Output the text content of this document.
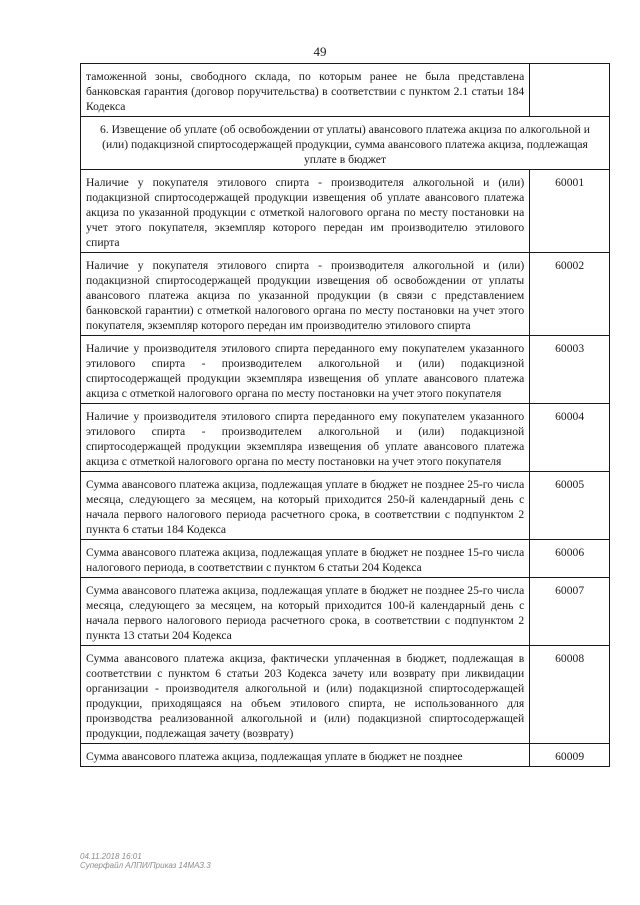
49
таможенной зоны, свободного склада, по которым ранее не была представлена банковская гарантия (договор поручительства) в соответствии с пунктом 2.1 статьи 184 Кодекса	
6. Извещение об уплате (об освобождении от уплаты) авансового платежа акциза по алкогольной и (или) подакцизной спиртосодержащей продукции, сумма авансового платежа акциза, подлежащая уплате в бюджет	
Наличие у покупателя этилового спирта - производителя алкогольной и (или) подакцизной спиртосодержащей продукции извещения об уплате авансового платежа акциза по указанной продукции с отметкой налогового органа по месту постановки на учет этого покупателя, экземпляр которого передан им производителю этилового спирта	60001
Наличие у покупателя этилового спирта - производителя алкогольной и (или) подакцизной спиртосодержащей продукции извещения об освобождении от уплаты авансового платежа акциза по указанной продукции (в связи с представлением банковской гарантии) с отметкой налогового органа по месту постановки на учет этого покупателя, экземпляр которого передан им производителю этилового спирта	60002
Наличие у производителя этилового спирта переданного ему покупателем указанного этилового спирта - производителем алкогольной и (или) подакцизной спиртосодержащей продукции экземпляра извещения об уплате авансового платежа акциза с отметкой налогового органа по месту постановки на учет этого покупателя	60003
Наличие у производителя этилового спирта переданного ему покупателем указанного этилового спирта - производителем алкогольной и (или) подакцизной спиртосодержащей продукции экземпляра извещения об уплате авансового платежа акциза с отметкой налогового органа по месту постановки на учет этого покупателя	60004
Сумма авансового платежа акциза, подлежащая уплате в бюджет не позднее 25-го числа месяца, следующего за месяцем, на который приходится 250-й календарный день с начала первого налогового периода расчетного срока, в соответствии с подпунктом 2 пункта 6 статьи 184 Кодекса	60005
Сумма авансового платежа акциза, подлежащая уплате в бюджет не позднее 15-го числа налогового периода, в соответствии с пунктом 6 статьи 204 Кодекса	60006
Сумма авансового платежа акциза, подлежащая уплате в бюджет не позднее 25-го числа месяца, следующего за месяцем, на который приходится 100-й календарный день с начала первого налогового периода расчетного срока, в соответствии с подпунктом 2 пункта 13 статьи 204 Кодекса	60007
Сумма авансового платежа акциза, фактически уплаченная в бюджет, подлежащая в соответствии с пунктом 6 статьи 203 Кодекса зачету или возврату при ликвидации организации - производителя алкогольной и (или) подакцизной спиртосодержащей продукции, приходящаяся на объем этилового спирта, не использованного для производства реализованной алкогольной и (или) подакцизной спиртосодержащей продукции, подлежащая зачету (возврату)	60008
Сумма авансового платежа акциза, подлежащая уплате в бюджет не позднее	60009
04.11.2018 16:01
Суперфайл АЛПИ/Приказ 14МАЗ.3
